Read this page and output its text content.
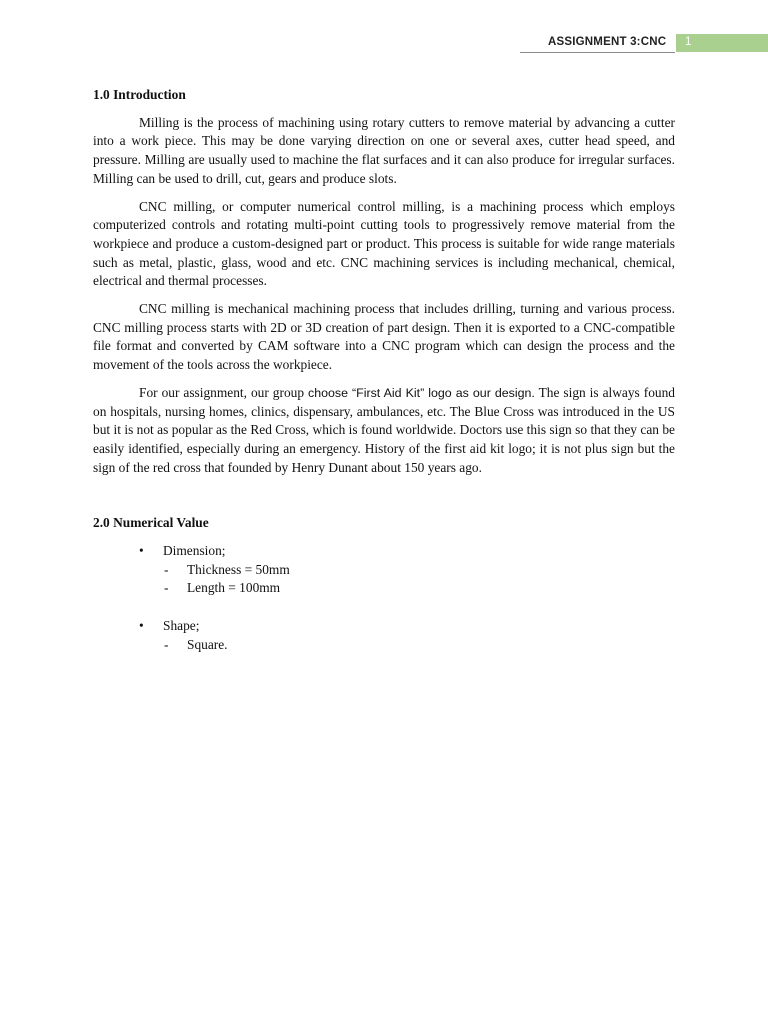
ASSIGNMENT 3:CNC	1
1.0 Introduction

Milling is the process of machining using rotary cutters to remove material by advancing a cutter into a work piece. This may be done varying direction on one or several axes, cutter head speed, and pressure. Milling are usually used to machine the flat surfaces and it can also produce for irregular surfaces. Milling can be used to drill, cut, gears and produce slots.

CNC milling, or computer numerical control milling, is a machining process which employs computerized controls and rotating multi-point cutting tools to progressively remove material from the workpiece and produce a custom-designed part or product. This process is suitable for wide range materials such as metal, plastic, glass, wood and etc. CNC machining services is including mechanical, chemical, electrical and thermal processes.

CNC milling is mechanical machining process that includes drilling, turning and various process. CNC milling process starts with 2D or 3D creation of part design. Then it is exported to a CNC-compatible file format and converted by CAM software into a CNC program which can design the process and the movement of the tools across the workpiece.

For our assignment, our group choose “First Aid Kit” logo as our design. The sign is always found on hospitals, nursing homes, clinics, dispensary, ambulances, etc. The Blue Cross was introduced in the US but it is not as popular as the Red Cross, which is found worldwide. Doctors use this sign so that they can be easily identified, especially during an emergency. History of the first aid kit logo; it is not plus sign but the sign of the red cross that founded by Henry Dunant about 150 years ago.

2.0 Numerical Value
• Dimension;
- Thickness = 50mm
- Length = 100mm
• Shape;
- Square.
